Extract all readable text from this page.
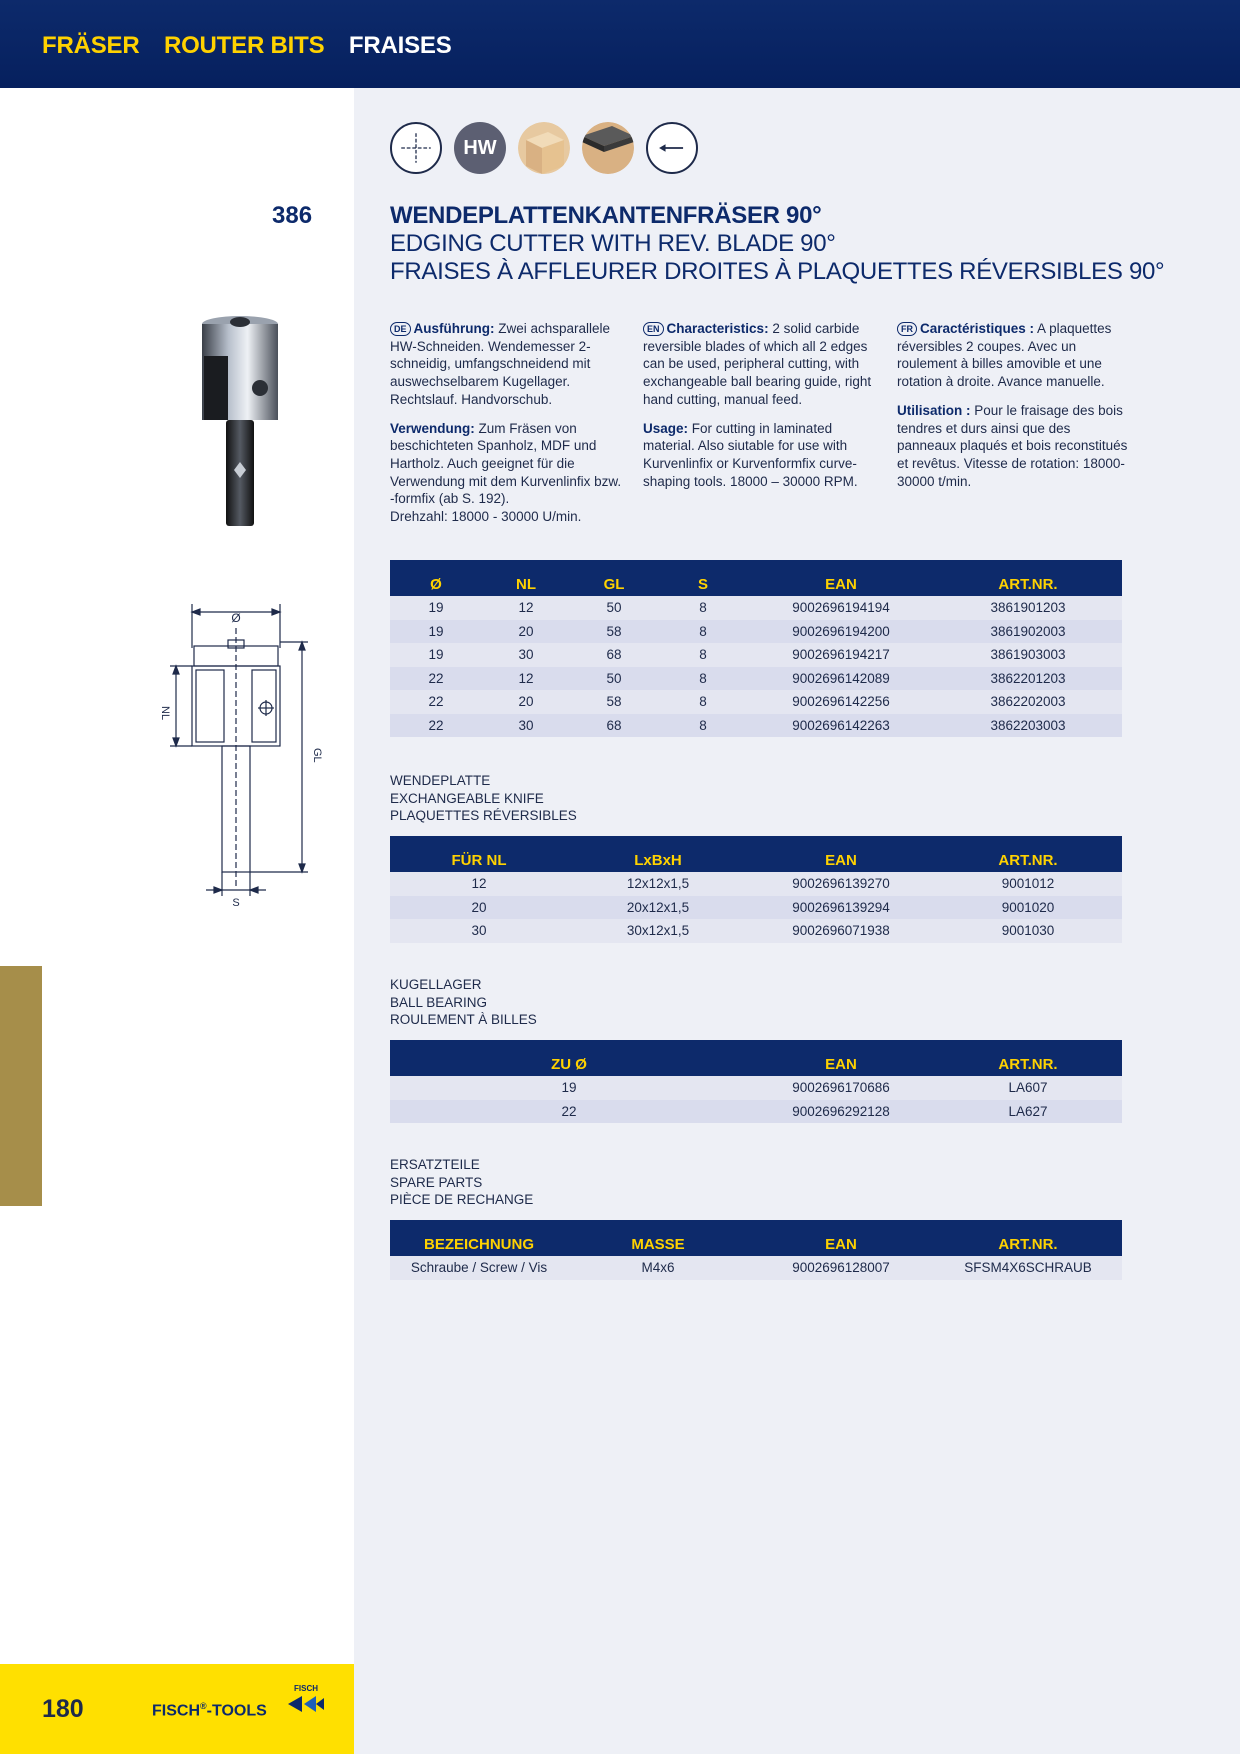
FRÄSER ROUTER BITS FRAISES
HW
386	WENDEPLATTENKANTENFRÄSER 90°
EDGING CUTTER WITH REV. BLADE 90°
FRAISES À AFFLEURER DROITES À PLAQUETTES RÉVERSIBLES 90°

DE Ausführung: Zwei achsparallele HW-Schneiden. Wendemesser 2-schneidig, umfangschneidend mit auswechselbarem Kugellager. Rechtslauf. Handvorschub.

Verwendung: Zum Fräsen von beschichteten Spanholz, MDF und Hartholz. Auch geeignet für die Verwendung mit dem Kurvenlinfix bzw. -formfix (ab S. 192).
Drehzahl: 18000 - 30000 U/min.

EN Characteristics: 2 solid carbide reversible blades of which all 2 edges can be used, peripheral cutting, with exchangeable ball bearing guide, right hand cutting, manual feed.

Usage: For cutting in laminated material. Also siutable for use with Kurvenlinfix or Kurvenformfix curve-shaping tools. 18000 – 30000 RPM.

FR Caractéristiques : A plaquettes réversibles 2 coupes. Avec un roulement à billes amovible et une rotation à droite. Avance manuelle.

Utilisation : Pour le fraisage des bois tendres et durs ainsi que des panneaux plaqués et bois reconstitués et revêtus. Vitesse de rotation: 18000-30000 t/min.

Ø
NL
GL
S
Ø	NL	GL	S	EAN	ART.NR.
19	12	50	8	9002696194194	3861901203
19	20	58	8	9002696194200	3861902003
19	30	68	8	9002696194217	3861903003
22	12	50	8	9002696142089	3862201203
22	20	58	8	9002696142256	3862202003
22	30	68	8	9002696142263	3862203003
WENDEPLATTE
EXCHANGEABLE KNIFE
PLAQUETTES RÉVERSIBLES
FÜR NL	LxBxH	EAN	ART.NR.
12	12x12x1,5	9002696139270	9001012
20	20x12x1,5	9002696139294	9001020
30	30x12x1,5	9002696071938	9001030
KUGELLAGER
BALL BEARING
ROULEMENT À BILLES
ZU Ø	EAN	ART.NR.
19	9002696170686	LA607
22	9002696292128	LA627
ERSATZTEILE
SPARE PARTS
PIÈCE DE RECHANGE
BEZEICHNUNG	MASSE	EAN	ART.NR.
Schraube / Screw / Vis	M4x6	9002696128007	SFSM4X6SCHRAUB
180	FISCH®-TOOLS
FISCH
